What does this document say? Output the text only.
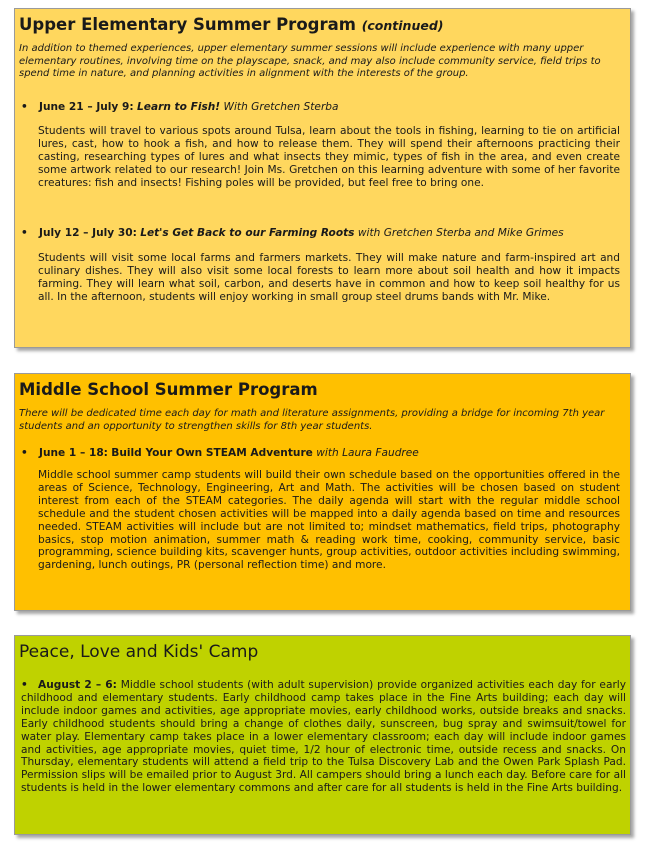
Upper Elementary Summer Program (continued)
In addition to themed experiences, upper elementary summer sessions will include experience with many upper elementary routines, involving time on the playscape, snack, and may also include community service, field trips to spend time in nature, and planning activities in alignment with the interests of the group.
• June 21 – July 9: Learn to Fish! With Gretchen Sterba
Students will travel to various spots around Tulsa, learn about the tools in fishing, learning to tie on artificial lures, cast, how to hook a fish, and how to release them. They will spend their afternoons practicing their casting, researching types of lures and what insects they mimic, types of fish in the area, and even create some artwork related to our research! Join Ms. Gretchen on this learning adventure with some of her favorite creatures: fish and insects! Fishing poles will be provided, but feel free to bring one.
• July 12 – July 30: Let's Get Back to our Farming Roots with Gretchen Sterba and Mike Grimes
Students will visit some local farms and farmers markets. They will make nature and farm-inspired art and culinary dishes. They will also visit some local forests to learn more about soil health and how it impacts farming. They will learn what soil, carbon, and deserts have in common and how to keep soil healthy for us all. In the afternoon, students will enjoy working in small group steel drums bands with Mr. Mike.
Middle School Summer Program
There will be dedicated time each day for math and literature assignments, providing a bridge for incoming 7th year students and an opportunity to strengthen skills for 8th year students.
• June 1 – 18: Build Your Own STEAM Adventure with Laura Faudree
Middle school summer camp students will build their own schedule based on the opportunities offered in the areas of Science, Technology, Engineering, Art and Math. The activities will be chosen based on student interest from each of the STEAM categories. The daily agenda will start with the regular middle school schedule and the student chosen activities will be mapped into a daily agenda based on time and resources needed. STEAM activities will include but are not limited to; mindset mathematics, field trips, photography basics, stop motion animation, summer math & reading work time, cooking, community service, basic programming, science building kits, scavenger hunts, group activities, outdoor activities including swimming, gardening, lunch outings, PR (personal reflection time) and more.
Peace, Love and Kids' Camp
• August 2 – 6: Middle school students (with adult supervision) provide organized activities each day for early childhood and elementary students. Early childhood camp takes place in the Fine Arts building; each day will include indoor games and activities, age appropriate movies, early childhood works, outside breaks and snacks. Early childhood students should bring a change of clothes daily, sunscreen, bug spray and swimsuit/towel for water play. Elementary camp takes place in a lower elementary classroom; each day will include indoor games and activities, age appropriate movies, quiet time, 1/2 hour of electronic time, outside recess and snacks. On Thursday, elementary students will attend a field trip to the Tulsa Discovery Lab and the Owen Park Splash Pad. Permission slips will be emailed prior to August 3rd. All campers should bring a lunch each day. Before care for all students is held in the lower elementary commons and after care for all students is held in the Fine Arts building.
